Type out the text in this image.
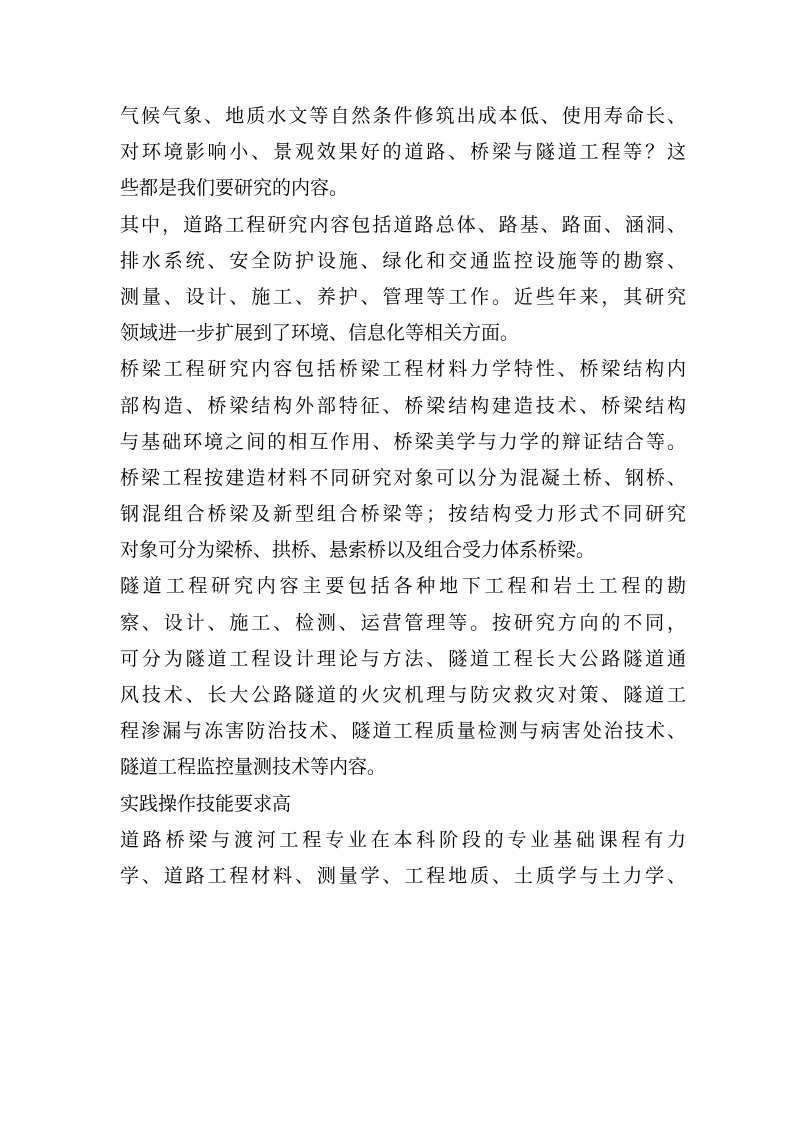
气候气象、地质水文等自然条件修筑出成本低、使用寿命长、
对环境影响小、景观效果好的道路、桥梁与隧道工程等？这
些都是我们要研究的内容。
其中，道路工程研究内容包括道路总体、路基、路面、涵洞、
排水系统、安全防护设施、绿化和交通监控设施等的勘察、
测量、设计、施工、养护、管理等工作。近些年来，其研究
领域进一步扩展到了环境、信息化等相关方面。
桥梁工程研究内容包括桥梁工程材料力学特性、桥梁结构内
部构造、桥梁结构外部特征、桥梁结构建造技术、桥梁结构
与基础环境之间的相互作用、桥梁美学与力学的辩证结合等。
桥梁工程按建造材料不同研究对象可以分为混凝土桥、钢桥、
钢混组合桥梁及新型组合桥梁等；按结构受力形式不同研究
对象可分为梁桥、拱桥、悬索桥以及组合受力体系桥梁。
隧道工程研究内容主要包括各种地下工程和岩土工程的勘
察、设计、施工、检测、运营管理等。按研究方向的不同，
可分为隧道工程设计理论与方法、隧道工程长大公路隧道通
风技术、长大公路隧道的火灾机理与防灾救灾对策、隧道工
程渗漏与冻害防治技术、隧道工程质量检测与病害处治技术、
隧道工程监控量测技术等内容。
实践操作技能要求高
道路桥梁与渡河工程专业在本科阶段的专业基础课程有力
学、道路工程材料、测量学、工程地质、土质学与土力学、
